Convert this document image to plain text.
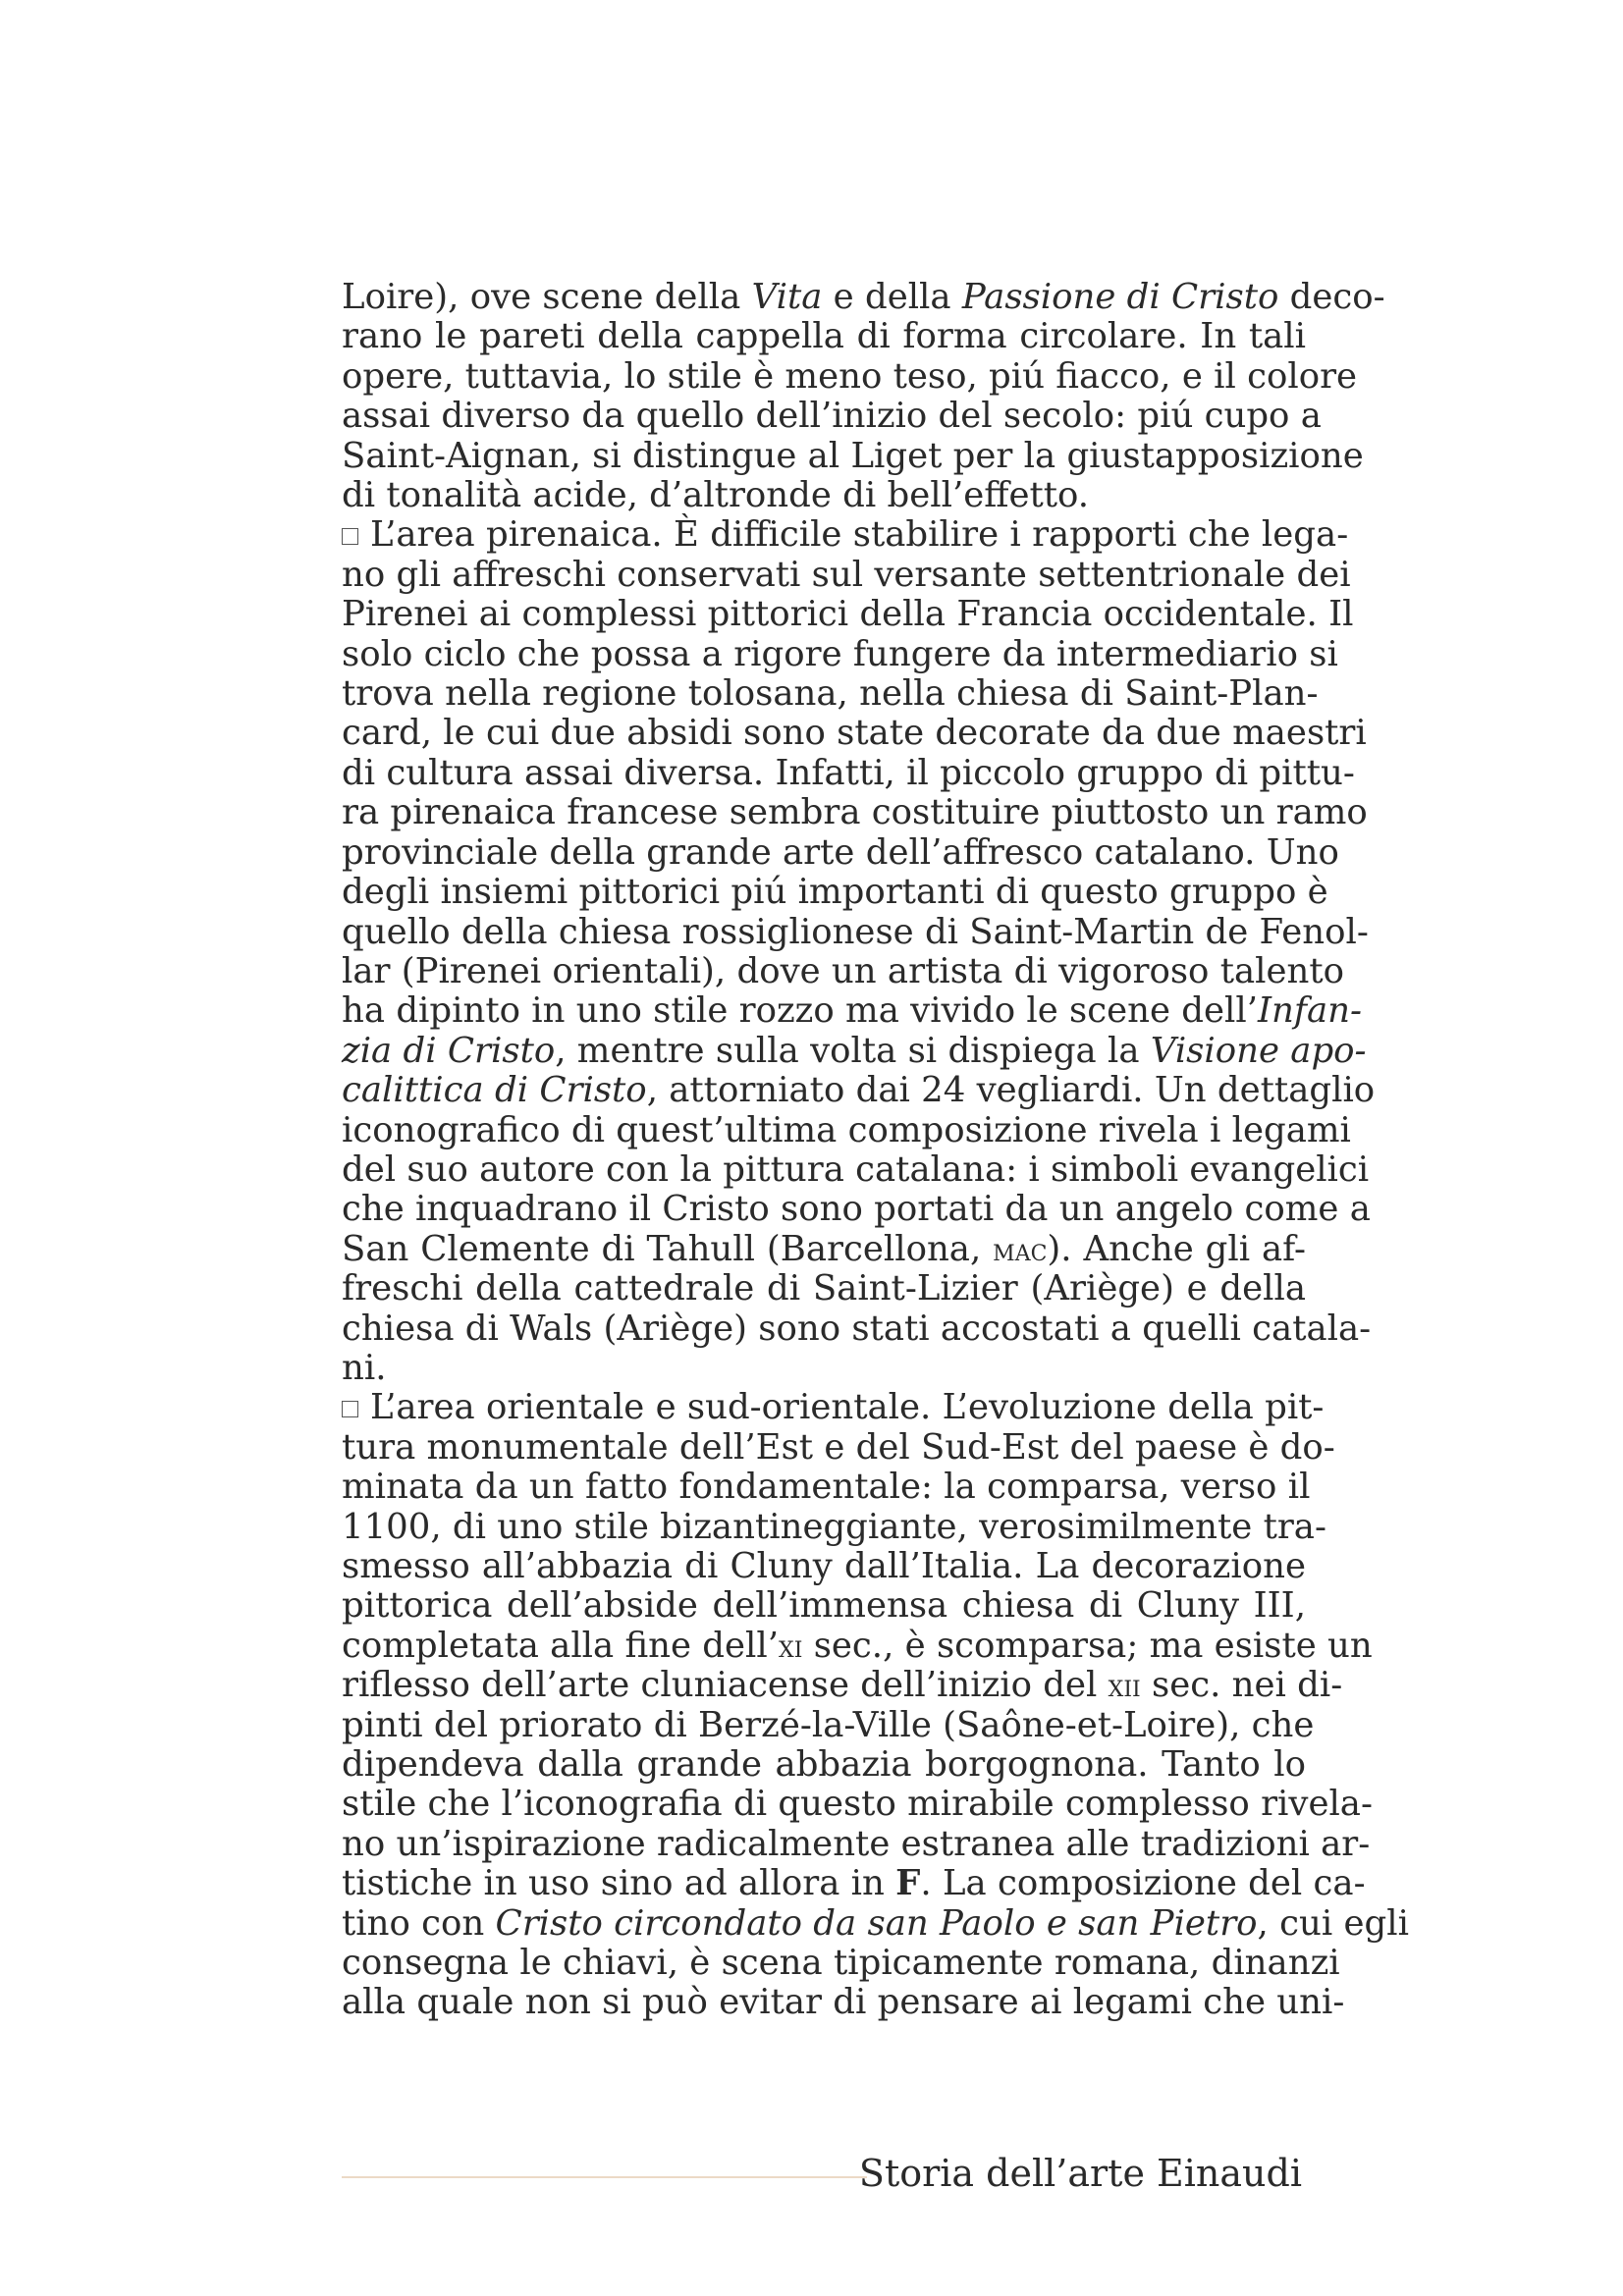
Loire), ove scene della Vita e della Passione di Cristo deco-
rano le pareti della cappella di forma circolare. In tali
opere, tuttavia, lo stile è meno teso, piú fiacco, e il colore
assai diverso da quello dell’inizio del secolo: piú cupo a
Saint-Aignan, si distingue al Liget per la giustapposizione
di tonalità acide, d’altronde di bell’effetto.
L’area pirenaica. È difficile stabilire i rapporti che lega-
no gli affreschi conservati sul versante settentrionale dei
Pirenei ai complessi pittorici della Francia occidentale. Il
solo ciclo che possa a rigore fungere da intermediario si
trova nella regione tolosana, nella chiesa di Saint-Plan-
card, le cui due absidi sono state decorate da due maestri
di cultura assai diversa. Infatti, il piccolo gruppo di pittu-
ra pirenaica francese sembra costituire piuttosto un ramo
provinciale della grande arte dell’affresco catalano. Uno
degli insiemi pittorici piú importanti di questo gruppo è
quello della chiesa rossiglionese di Saint-Martin de Fenol-
lar (Pirenei orientali), dove un artista di vigoroso talento
ha dipinto in uno stile rozzo ma vivido le scene dell’Infan-
zia di Cristo, mentre sulla volta si dispiega la Visione apo-
calittica di Cristo, attorniato dai 24 vegliardi. Un dettaglio
iconografico di quest’ultima composizione rivela i legami
del suo autore con la pittura catalana: i simboli evangelici
che inquadrano il Cristo sono portati da un angelo come a
San Clemente di Tahull (Barcellona, mac). Anche gli af-
freschi della cattedrale di Saint-Lizier (Ariège) e della
chiesa di Wals (Ariège) sono stati accostati a quelli catala-
ni.
L’area orientale e sud-orientale. L’evoluzione della pit-
tura monumentale dell’Est e del Sud-Est del paese è do-
minata da un fatto fondamentale: la comparsa, verso il
1100, di uno stile bizantineggiante, verosimilmente tra-
smesso all’abbazia di Cluny dall’Italia. La decorazione
pittorica dell’abside dell’immensa chiesa di Cluny III,
completata alla fine dell’xi sec., è scomparsa; ma esiste un
riflesso dell’arte cluniacense dell’inizio del xii sec. nei di-
pinti del priorato di Berzé-la-Ville (Saône-et-Loire), che
dipendeva dalla grande abbazia borgognona. Tanto lo
stile che l’iconografia di questo mirabile complesso rivela-
no un’ispirazione radicalmente estranea alle tradizioni ar-
tistiche in uso sino ad allora in F. La composizione del ca-
tino con Cristo circondato da san Paolo e san Pietro, cui egli
consegna le chiavi, è scena tipicamente romana, dinanzi
alla quale non si può evitar di pensare ai legami che uni-
Storia dell’arte Einaudi
